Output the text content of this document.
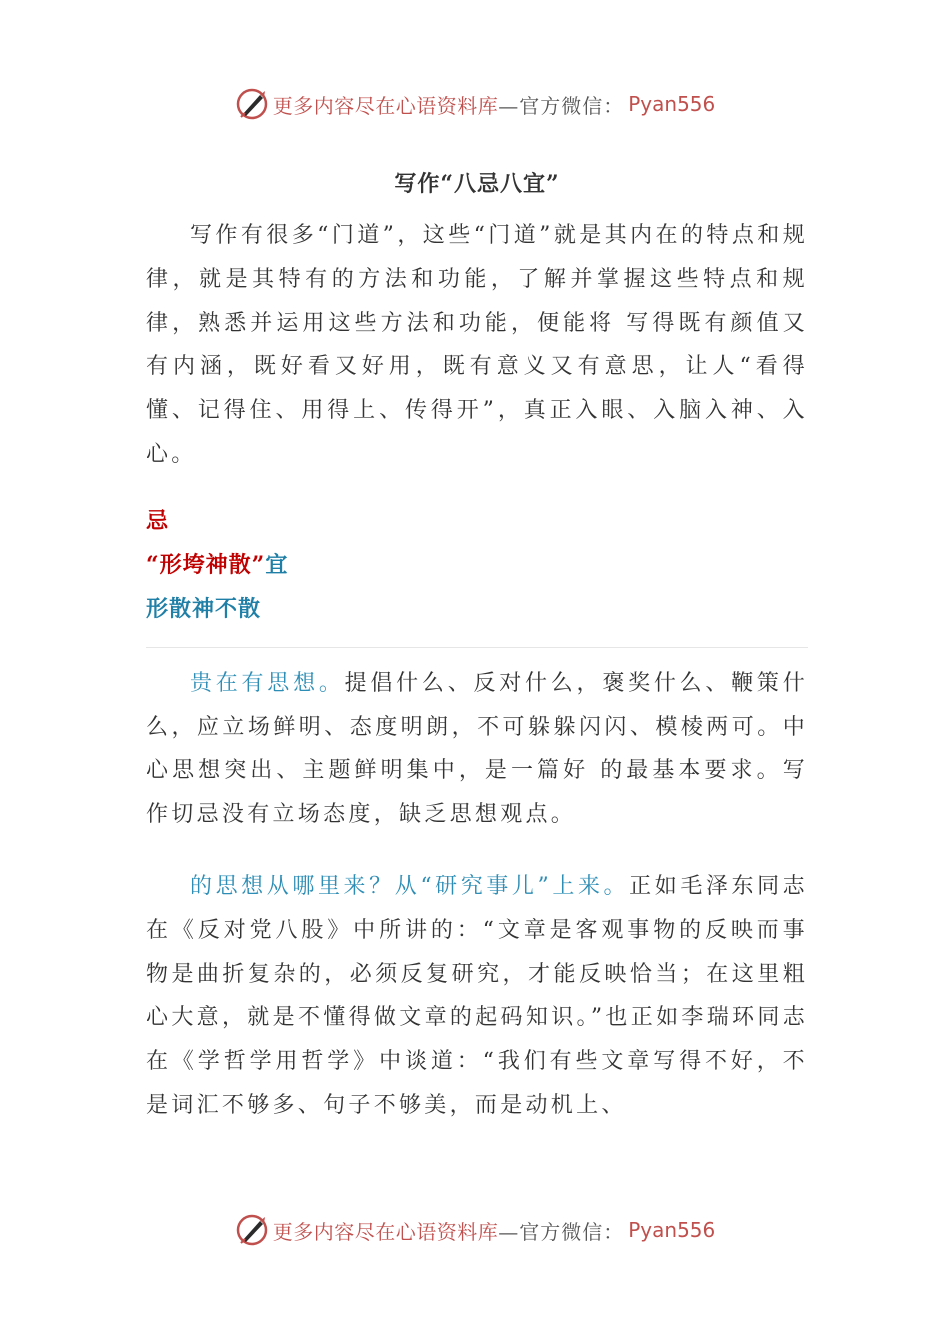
更多内容尽在心语资料库 —官方微信： Pyan556
写作“八忌八宜”

写作有很多“门道”，这些“门道”就是其内在的特点和规律，就是其特有的方法和功能，了解并掌握这些特点和规律，熟悉并运用这些方法和功能，便能将 写得既有颜值又有内涵，既好看又好用，既有意义又有意思，让人“看得懂、记得住、用得上、传得开”，真正入眼、入脑入神、入心。

忌

“形垮神散”宜

形散神不散

贵在有思想。提倡什么、反对什么，褒奖什么、鞭策什么，应立场鲜明、态度明朗，不可躲躲闪闪、模棱两可。中心思想突出、主题鲜明集中，是一篇好 的最基本要求。写作切忌没有立场态度，缺乏思想观点。

的思想从哪里来？从“研究事儿”上来。正如毛泽东同志在《反对党八股》中所讲的：“文章是客观事物的反映而事物是曲折复杂的，必须反复研究，才能反映恰当；在这里粗心大意，就是不懂得做文章的起码知识。”也正如李瑞环同志在《学哲学用哲学》中谈道：“我们有些文章写得不好，不是词汇不够多、句子不够美，而是动机上、

更多内容尽在心语资料库 —官方微信： Pyan556
